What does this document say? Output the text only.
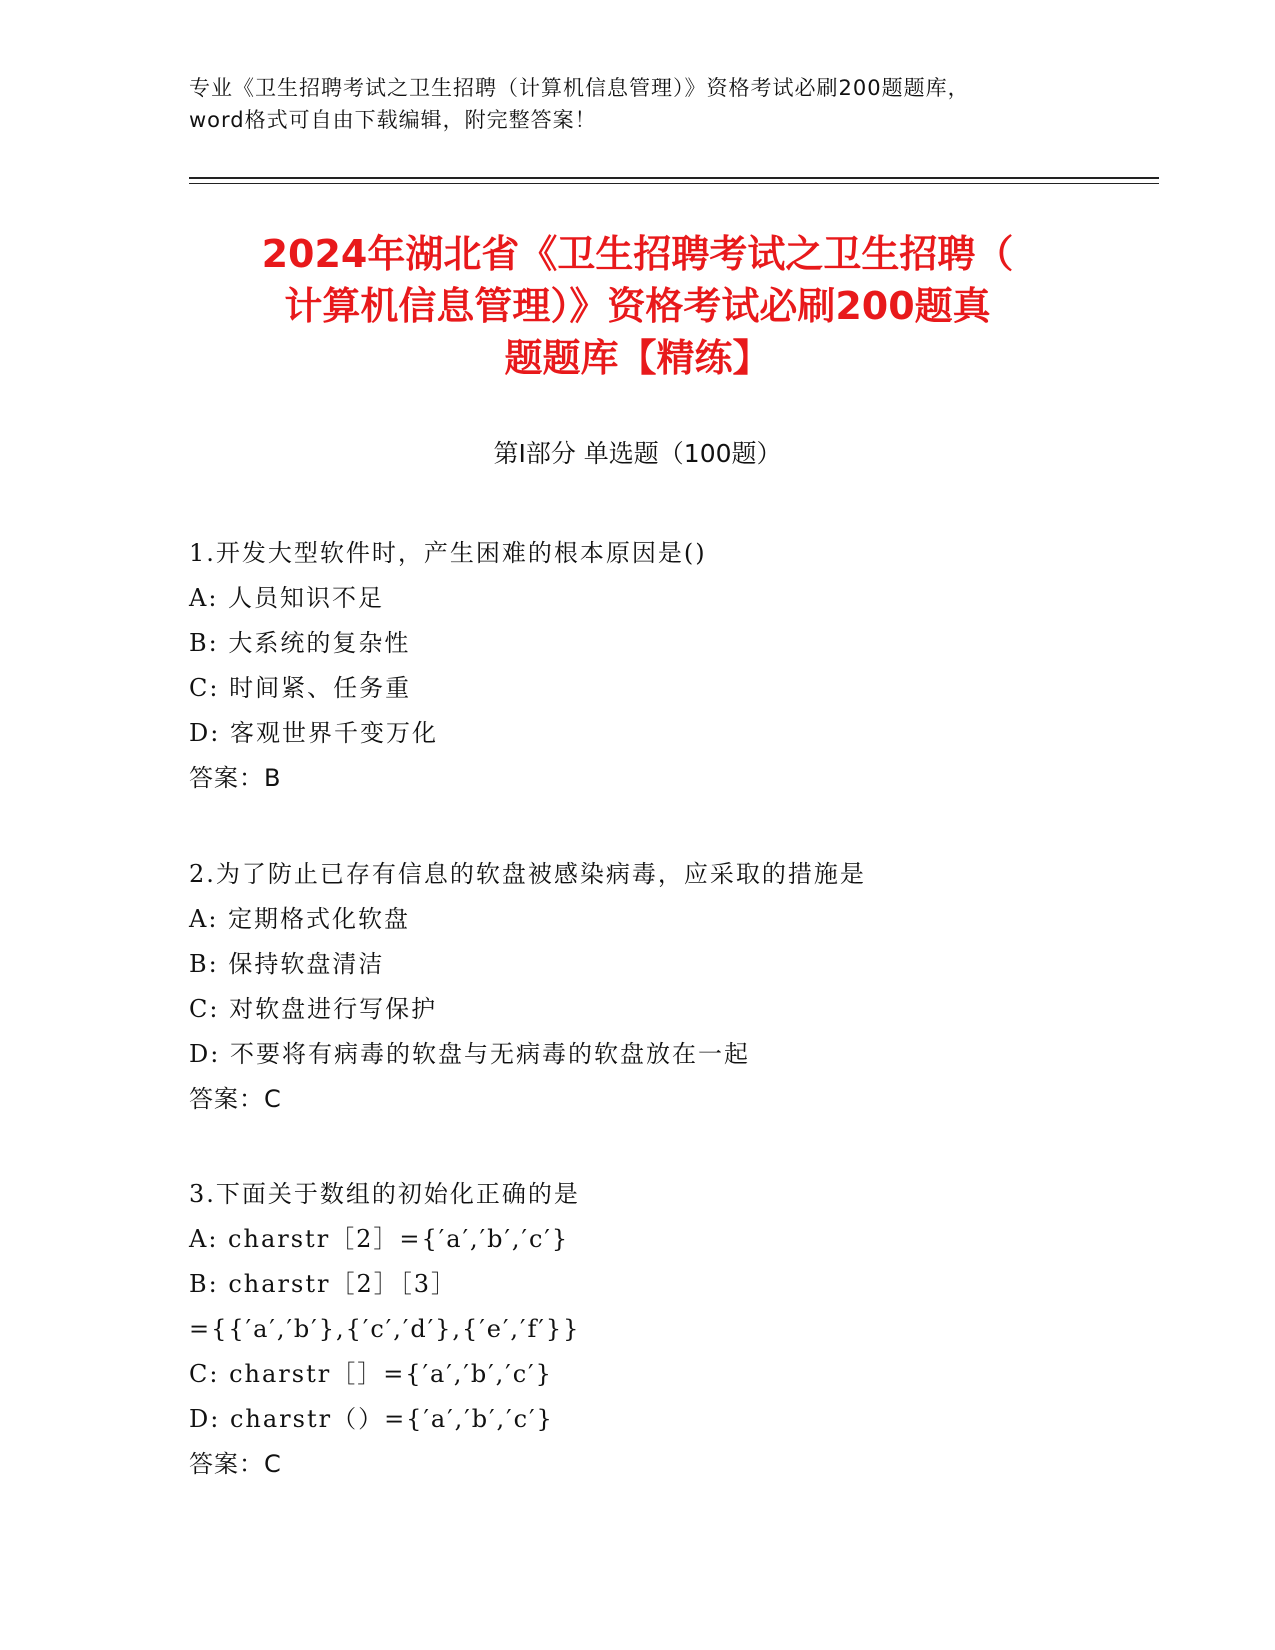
专业《卫生招聘考试之卫生招聘（计算机信息管理）》资格考试必刷200题题库，
word格式可自由下载编辑，附完整答案！
2024年湖北省《卫生招聘考试之卫生招聘（
计算机信息管理）》资格考试必刷200题真
题题库【精练】
第Ⅰ部分 单选题（100题）
1.开发大型软件时，产生困难的根本原因是()
A: 人员知识不足
B: 大系统的复杂性
C: 时间紧、任务重
D: 客观世界千变万化
答案：B
2.为了防止已存有信息的软盘被感染病毒，应采取的措施是
A: 定期格式化软盘
B: 保持软盘清洁
C: 对软盘进行写保护
D: 不要将有病毒的软盘与无病毒的软盘放在一起
答案：C
3.下面关于数组的初始化正确的是
A: charstr［2］={′a′,′b′,′c′}
B: charstr［2］［3］
={{′a′,′b′},{′c′,′d′},{′e′,′f′}}
C: charstr［］={′a′,′b′,′c′}
D: charstr（）={′a′,′b′,′c′}
答案：C
